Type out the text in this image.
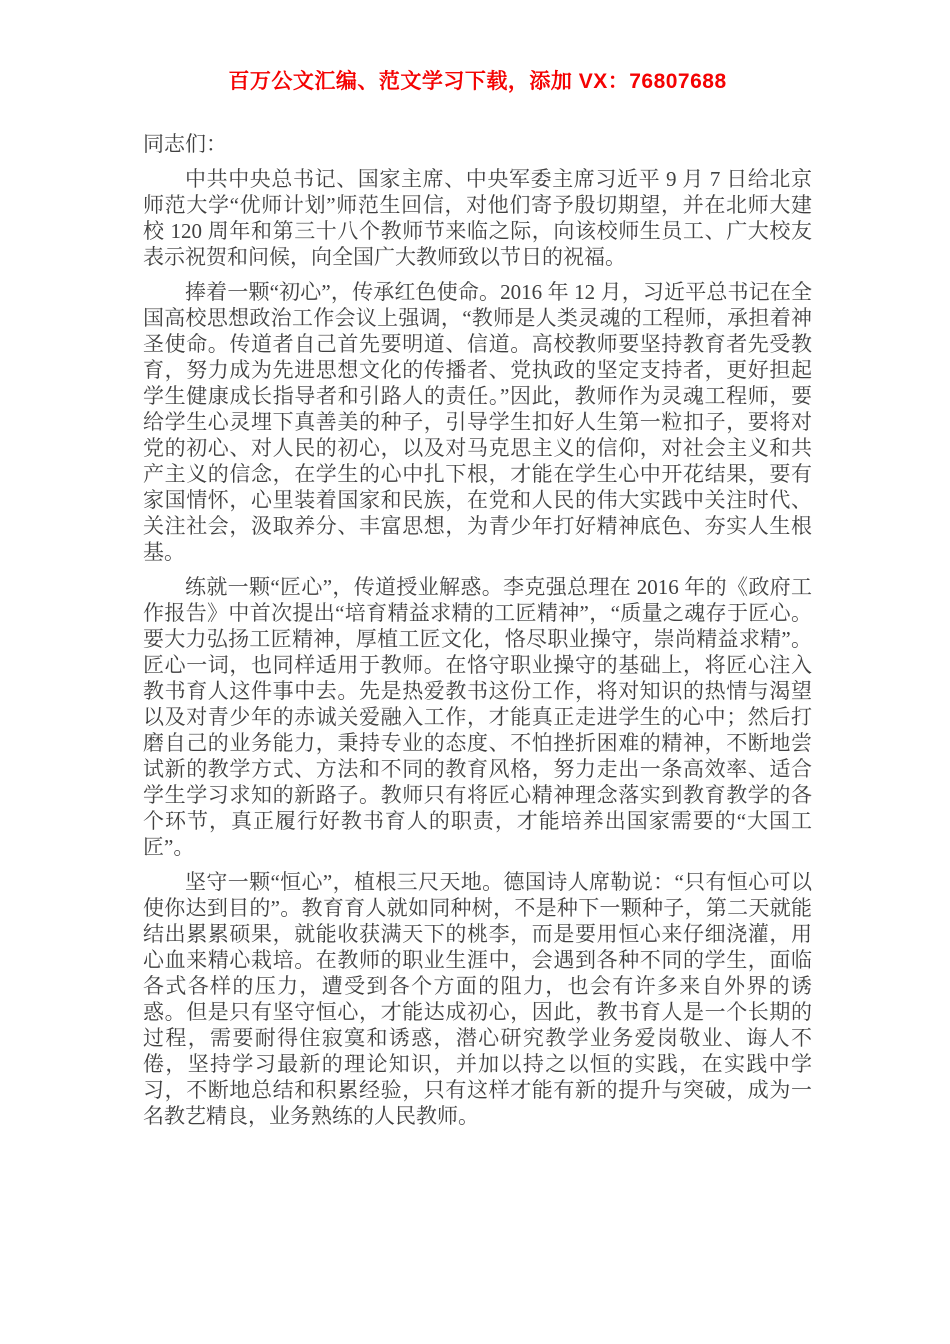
百万公文汇编、范文学习下载，添加 VX：76807688
同志们：

中共中央总书记、国家主席、中央军委主席习近平 9 月 7 日给北京师范大学“优师计划”师范生回信，对他们寄予殷切期望，并在北师大建校 120 周年和第三十八个教师节来临之际，向该校师生员工、广大校友表示祝贺和问候，向全国广大教师致以节日的祝福。

捧着一颗“初心”，传承红色使命。2016 年 12 月，习近平总书记在全国高校思想政治工作会议上强调，“教师是人类灵魂的工程师，承担着神圣使命。传道者自己首先要明道、信道。高校教师要坚持教育者先受教育，努力成为先进思想文化的传播者、党执政的坚定支持者，更好担起学生健康成长指导者和引路人的责任。”因此，教师作为灵魂工程师，要给学生心灵埋下真善美的种子，引导学生扣好人生第一粒扣子，要将对党的初心、对人民的初心，以及对马克思主义的信仰，对社会主义和共产主义的信念，在学生的心中扎下根，才能在学生心中开花结果，要有家国情怀，心里装着国家和民族，在党和人民的伟大实践中关注时代、关注社会，汲取养分、丰富思想，为青少年打好精神底色、夯实人生根基。

练就一颗“匠心”，传道授业解惑。李克强总理在 2016 年的《政府工作报告》中首次提出“培育精益求精的工匠精神”，“质量之魂存于匠心。要大力弘扬工匠精神，厚植工匠文化，恪尽职业操守，崇尚精益求精”。匠心一词，也同样适用于教师。在恪守职业操守的基础上，将匠心注入教书育人这件事中去。先是热爱教书这份工作，将对知识的热情与渴望以及对青少年的赤诚关爱融入工作，才能真正走进学生的心中；然后打磨自己的业务能力，秉持专业的态度、不怕挫折困难的精神，不断地尝试新的教学方式、方法和不同的教育风格，努力走出一条高效率、适合学生学习求知的新路子。教师只有将匠心精神理念落实到教育教学的各个环节，真正履行好教书育人的职责，才能培养出国家需要的“大国工匠”。

坚守一颗“恒心”，植根三尺天地。德国诗人席勒说：“只有恒心可以使你达到目的”。教育育人就如同种树，不是种下一颗种子，第二天就能结出累累硕果，就能收获满天下的桃李，而是要用恒心来仔细浇灌，用心血来精心栽培。在教师的职业生涯中，会遇到各种不同的学生，面临各式各样的压力，遭受到各个方面的阻力，也会有许多来自外界的诱惑。但是只有坚守恒心，才能达成初心，因此，教书育人是一个长期的过程，需要耐得住寂寞和诱惑，潜心研究教学业务爱岗敬业、诲人不倦，坚持学习最新的理论知识，并加以持之以恒的实践，在实践中学习，不断地总结和积累经验，只有这样才能有新的提升与突破，成为一名教艺精良，业务熟练的人民教师。
